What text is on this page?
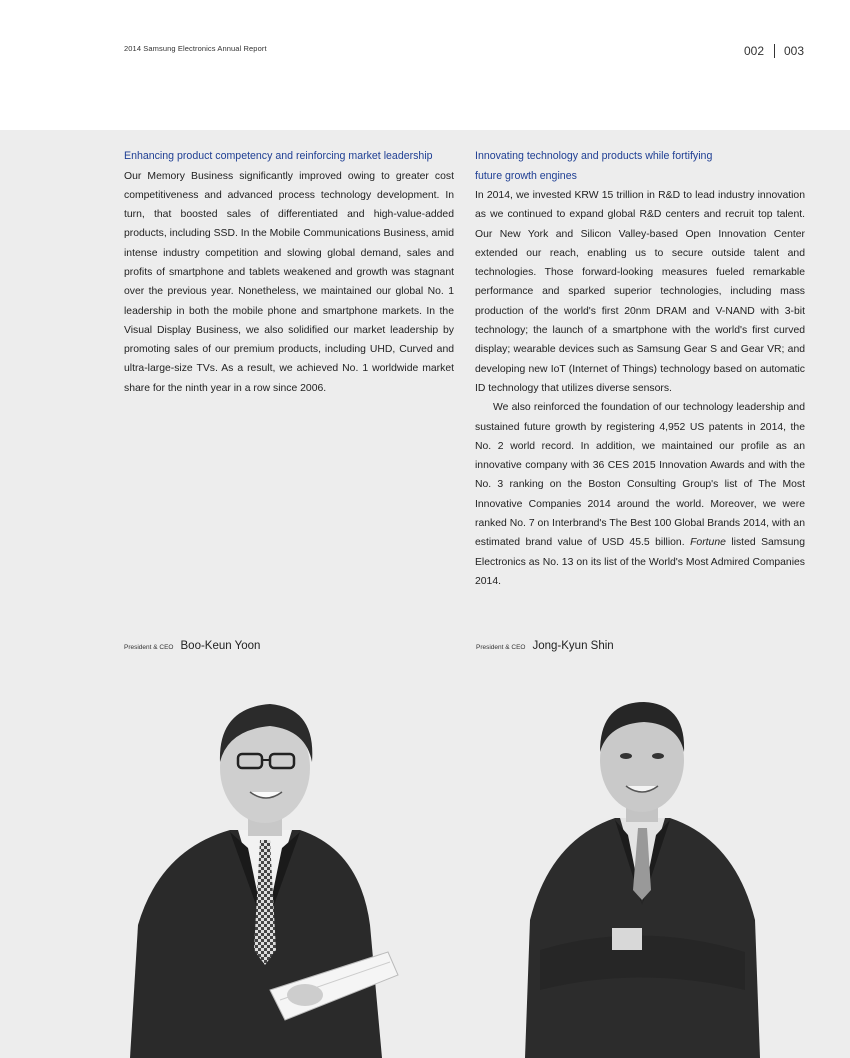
2014 Samsung Electronics Annual Report	002 003

Enhancing product competency and reinforcing market leadership

Our Memory Business significantly improved owing to greater cost competitiveness and advanced process technology development. In turn, that boosted sales of differentiated and high-value-added products, including SSD. In the Mobile Communications Business, amid intense industry competition and slowing global demand, sales and profits of smartphone and tablets weakened and growth was stagnant over the previous year. Nonetheless, we maintained our global No. 1 leadership in both the mobile phone and smartphone markets. In the Visual Display Business, we also solidified our market leadership by promoting sales of our premium products, including UHD, Curved and ultra-large-size TVs. As a result, we achieved No. 1 worldwide market share for the ninth year in a row since 2006.

Innovating technology and products while fortifying
future growth engines

In 2014, we invested KRW 15 trillion in R&D to lead industry innovation as we continued to expand global R&D centers and recruit top talent. Our New York and Silicon Valley-based Open Innovation Center extended our reach, enabling us to secure outside talent and technologies. Those forward-looking measures fueled remarkable performance and sparked superior technologies, including mass production of the world's first 20nm DRAM and V-NAND with 3-bit technology; the launch of a smartphone with the world's first curved display; wearable devices such as Samsung Gear S and Gear VR; and developing new IoT (Internet of Things) technology based on automatic ID technology that utilizes diverse sensors.

We also reinforced the foundation of our technology leadership and sustained future growth by registering 4,952 US patents in 2014, the No. 2 world record. In addition, we maintained our profile as an innovative company with 36 CES 2015 Innovation Awards and with the No. 3 ranking on the Boston Consulting Group's list of The Most Innovative Companies 2014 around the world. Moreover, we were ranked No. 7 on Interbrand's The Best 100 Global Brands 2014, with an estimated brand value of USD 45.5 billion. Fortune listed Samsung Electronics as No. 13 on its list of the World's Most Admired Companies 2014.

President & CEO Boo-Keun Yoon	President & CEO Jong-Kyun Shin
